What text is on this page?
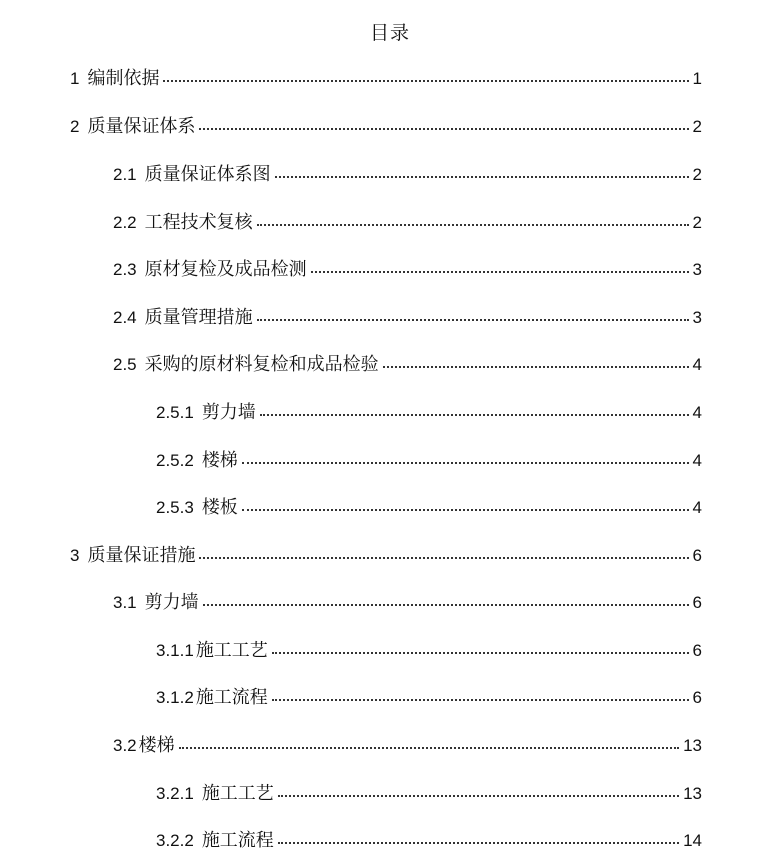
目录
1 编制依据	1
2 质量保证体系	2
2.1 质量保证体系图	2
2.2 工程技术复核	2
2.3 原材复检及成品检测	3
2.4 质量管理措施	3
2.5 采购的原材料复检和成品检验	4
2.5.1 剪力墙	4
2.5.2 楼梯	4
2.5.3 楼板	4
3 质量保证措施	6
3.1 剪力墙	6
3.1.1 施工工艺	6
3.1.2 施工流程	6
3.2 楼梯	13
3.2.1 施工工艺	13
3.2.2 施工流程	14
